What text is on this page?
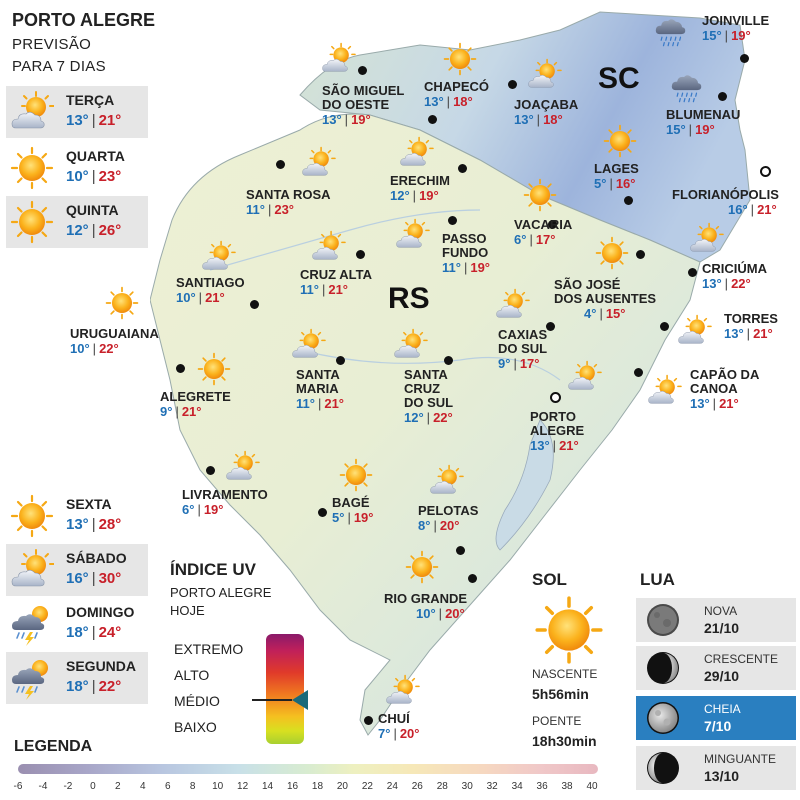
PORTO ALEGRE
PREVISÃO
PARA 7 DIAS
TERÇA
13° | 21°
QUARTA
10° | 23°
QUINTA
12° | 26°
SEXTA
13° | 28°
SÁBADO
16° | 30°
DOMINGO
18° | 24°
SEGUNDA
18° | 22°
SC
RS
SÃO MIGUEL
DO OESTE
13° | 19°
CHAPECÓ
13° | 18°	JOAÇABA
13° | 18°
JOINVILLE
15° | 19°
BLUMENAU
15° | 19°
LAGES
5° | 16°
FLORIANÓPOLIS
16° | 21°
SANTA ROSA
11° | 23°
ERECHIM
12° | 19°
VACARIA
6° | 17°
PASSO
FUNDO
11° | 19°
CRUZ ALTA
11° | 21°
SANTIAGO
10° | 21°
SÃO JOSÉ
DOS AUSENTES
4° | 15°
CRICIÚMA
13° | 22°
TORRES
13° | 21°
URUGUAIANA
10° | 22°
CAXIAS
DO SUL
9° | 17°
CAPÃO DA
CANOA
13° | 21°
ALEGRETE
9° | 21°
SANTA
MARIA
11° | 21°
SANTA
CRUZ
DO SUL
12° | 22°	PORTO
ALEGRE
13° | 21°
LIVRAMENTO
6° | 19°	BAGÉ
5° | 19°	PELOTAS
8° | 20°
RIO GRANDE
10° | 20°
CHUÍ
7° | 20°
ÍNDICE UV
PORTO ALEGRE
HOJE
EXTREMO
ALTO
MÉDIO
BAIXO
SOL
NASCENTE
5h56min
POENTE
18h30min
LUA
NOVA
21/10
CRESCENTE
29/10
CHEIA
7/10
MINGUANTE
13/10
LEGENDA
-6	-4	-2	0	2	4	6	8	10	12	14	16	18	20	22	24	26	28	30	32	34	36	38	40
